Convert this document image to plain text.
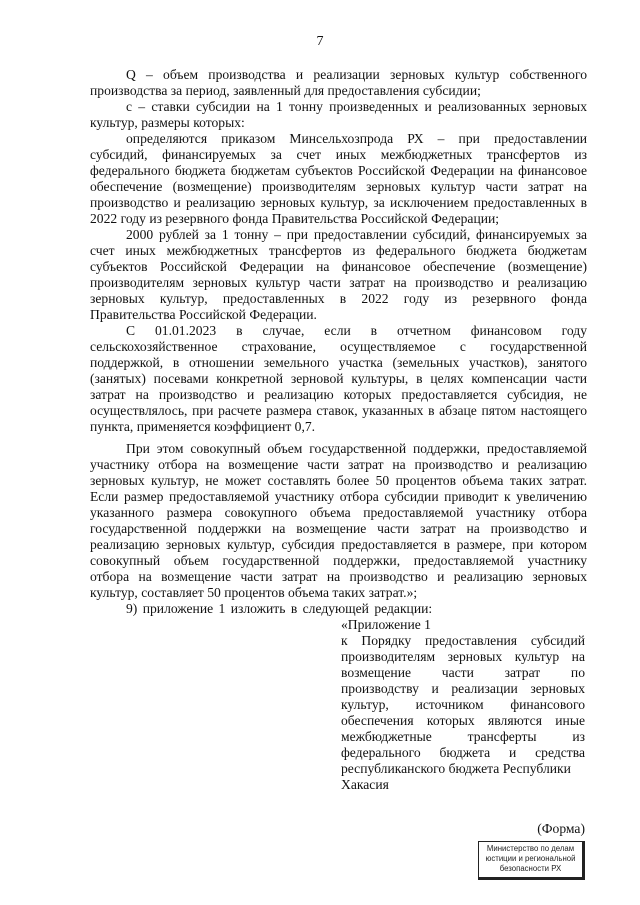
7
Q – объем производства и реализации зерновых культур собственного
производства за период, заявленный для предоставления субсидии;
c – ставки субсидии на 1 тонну произведенных и реализованных зерновых
культур, размеры которых:
определяются приказом Минсельхозпрода РХ – при предоставлении
субсидий, финансируемых за счет иных межбюджетных трансфертов из
федерального бюджета бюджетам субъектов Российской Федерации на финансовое
обеспечение (возмещение) производителям зерновых культур части затрат на
производство и реализацию зерновых культур, за исключением предоставленных в
2022 году из резервного фонда Правительства Российской Федерации;
2000 рублей за 1 тонну – при предоставлении субсидий, финансируемых за
счет иных межбюджетных трансфертов из федерального бюджета бюджетам
субъектов Российской Федерации на финансовое обеспечение (возмещение)
производителям зерновых культур части затрат на производство и реализацию
зерновых культур, предоставленных в 2022 году из резервного фонда
Правительства Российской Федерации.
С 01.01.2023 в случае, если в отчетном финансовом году
сельскохозяйственное страхование, осуществляемое с государственной
поддержкой, в отношении земельного участка (земельных участков), занятого
(занятых) посевами конкретной зерновой культуры, в целях компенсации части
затрат на производство и реализацию которых предоставляется субсидия, не
осуществлялось, при расчете размера ставок, указанных в абзаце пятом настоящего
пункта, применяется коэффициент 0,7.
При этом совокупный объем государственной поддержки, предоставляемой
участнику отбора на возмещение части затрат на производство и реализацию
зерновых культур, не может составлять более 50 процентов объема таких затрат.
Если размер предоставляемой участнику отбора субсидии приводит к увеличению
указанного размера совокупного объема предоставляемой участнику отбора
государственной поддержки на возмещение части затрат на производство и
реализацию зерновых культур, субсидия предоставляется в размере, при котором
совокупный объем государственной поддержки, предоставляемой участнику
отбора на возмещение части затрат на производство и реализацию зерновых
культур, составляет 50 процентов объема таких затрат.»;
9) приложение 1 изложить в следующей редакции:
«Приложение 1
к Порядку предоставления субсидий
производителям зерновых культур на
возмещение части затрат по
производству и реализации зерновых
культур, источником финансового
обеспечения которых являются иные
межбюджетные трансферты из
федерального бюджета и средства
республиканского бюджета Республики
Хакасия
(Форма)
Министерство по делам
юстиции и региональной
безопасности РХ
